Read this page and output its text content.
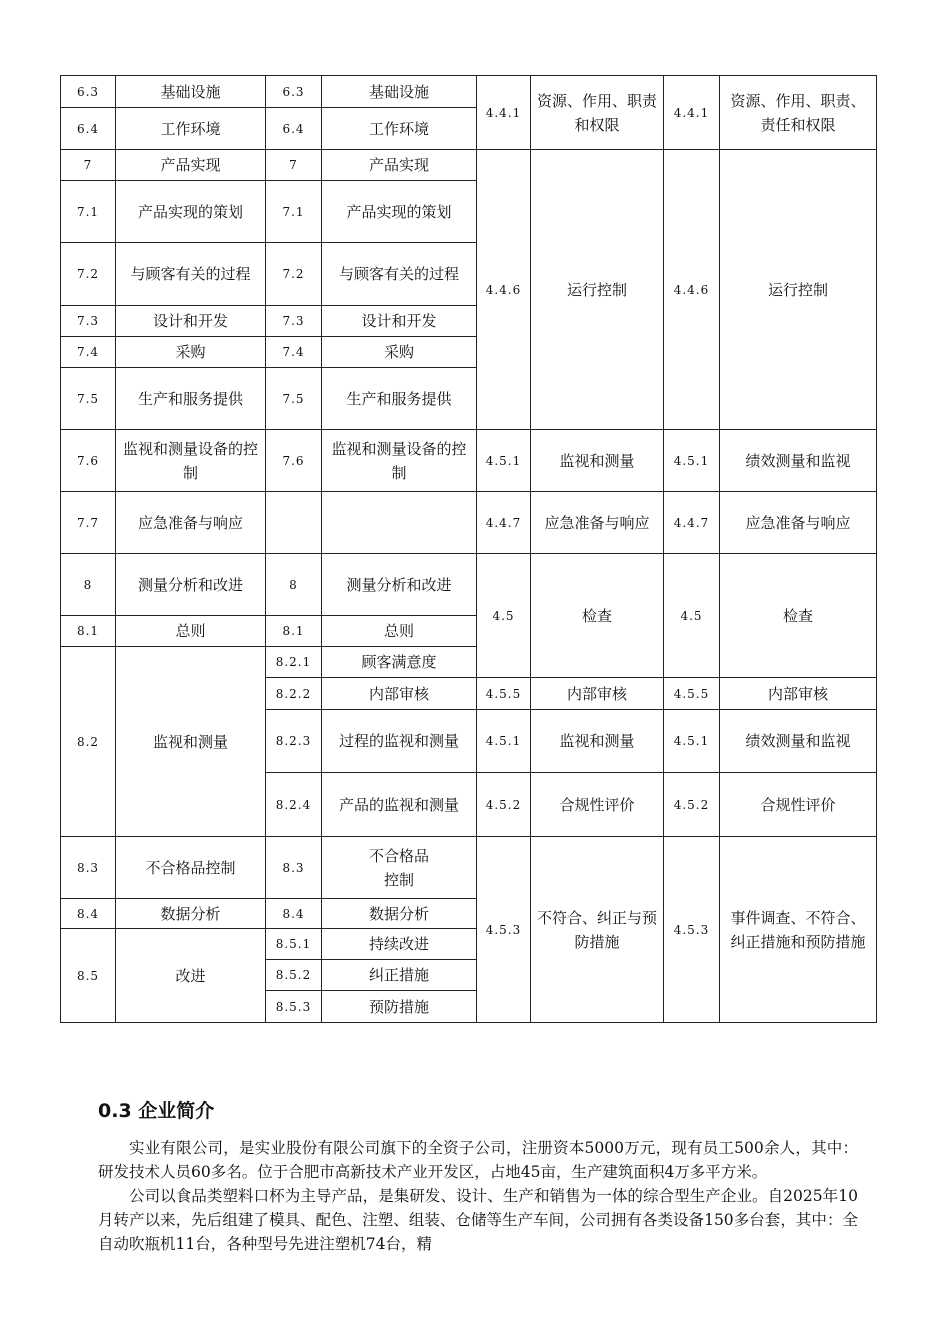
6.3	基础设施	6.3	基础设施	4.4.1	资源、作用、职责和权限	4.4.1	资源、作用、职责、责任和权限
6.4	工作环境	6.4	工作环境				
7	产品实现	7	产品实现	4.4.6	运行控制	4.4.6	运行控制
7.1	产品实现的策划	7.1	产品实现的策划				
7.2	与顾客有关的过程	7.2	与顾客有关的过程				
7.3	设计和开发	7.3	设计和开发				
7.4	采购	7.4	采购				
7.5	生产和服务提供	7.5	生产和服务提供				
7.6	监视和测量设备的控制	7.6	监视和测量设备的控制	4.5.1	监视和测量	4.5.1	绩效测量和监视
7.7	应急准备与响应			4.4.7	应急准备与响应	4.4.7	应急准备与响应
8	测量分析和改进	8	测量分析和改进	4.5	检查	4.5	检查
8.1	总则	8.1	总则				
8.2	监视和测量	8.2.1	顾客满意度				
		8.2.2	内部审核	4.5.5	内部审核	4.5.5	内部审核
		8.2.3	过程的监视和测量	4.5.1	监视和测量	4.5.1	绩效测量和监视
		8.2.4	产品的监视和测量	4.5.2	合规性评价	4.5.2	合规性评价
8.3	不合格品控制	8.3	不合格品控制	4.5.3	不符合、纠正与预防措施	4.5.3	事件调查、不符合、纠正措施和预防措施
8.4	数据分析	8.4	数据分析				
8.5	改进	8.5.1	持续改进				
		8.5.2	纠正措施				
		8.5.3	预防措施				
0.3 企业简介

实业有限公司，是实业股份有限公司旗下的全资子公司，注册资本5000万元，现有员工500余人，其中：研发技术人员60多名。位于合肥市高新技术产业开发区，占地45亩，生产建筑面积4万多平方米。

公司以食品类塑料口杯为主导产品，是集研发、设计、生产和销售为一体的综合型生产企业。自2025年10月转产以来，先后组建了模具、配色、注塑、组装、仓储等生产车间，公司拥有各类设备150多台套，其中：全自动吹瓶机11台，各种型号先进注塑机74台，精
